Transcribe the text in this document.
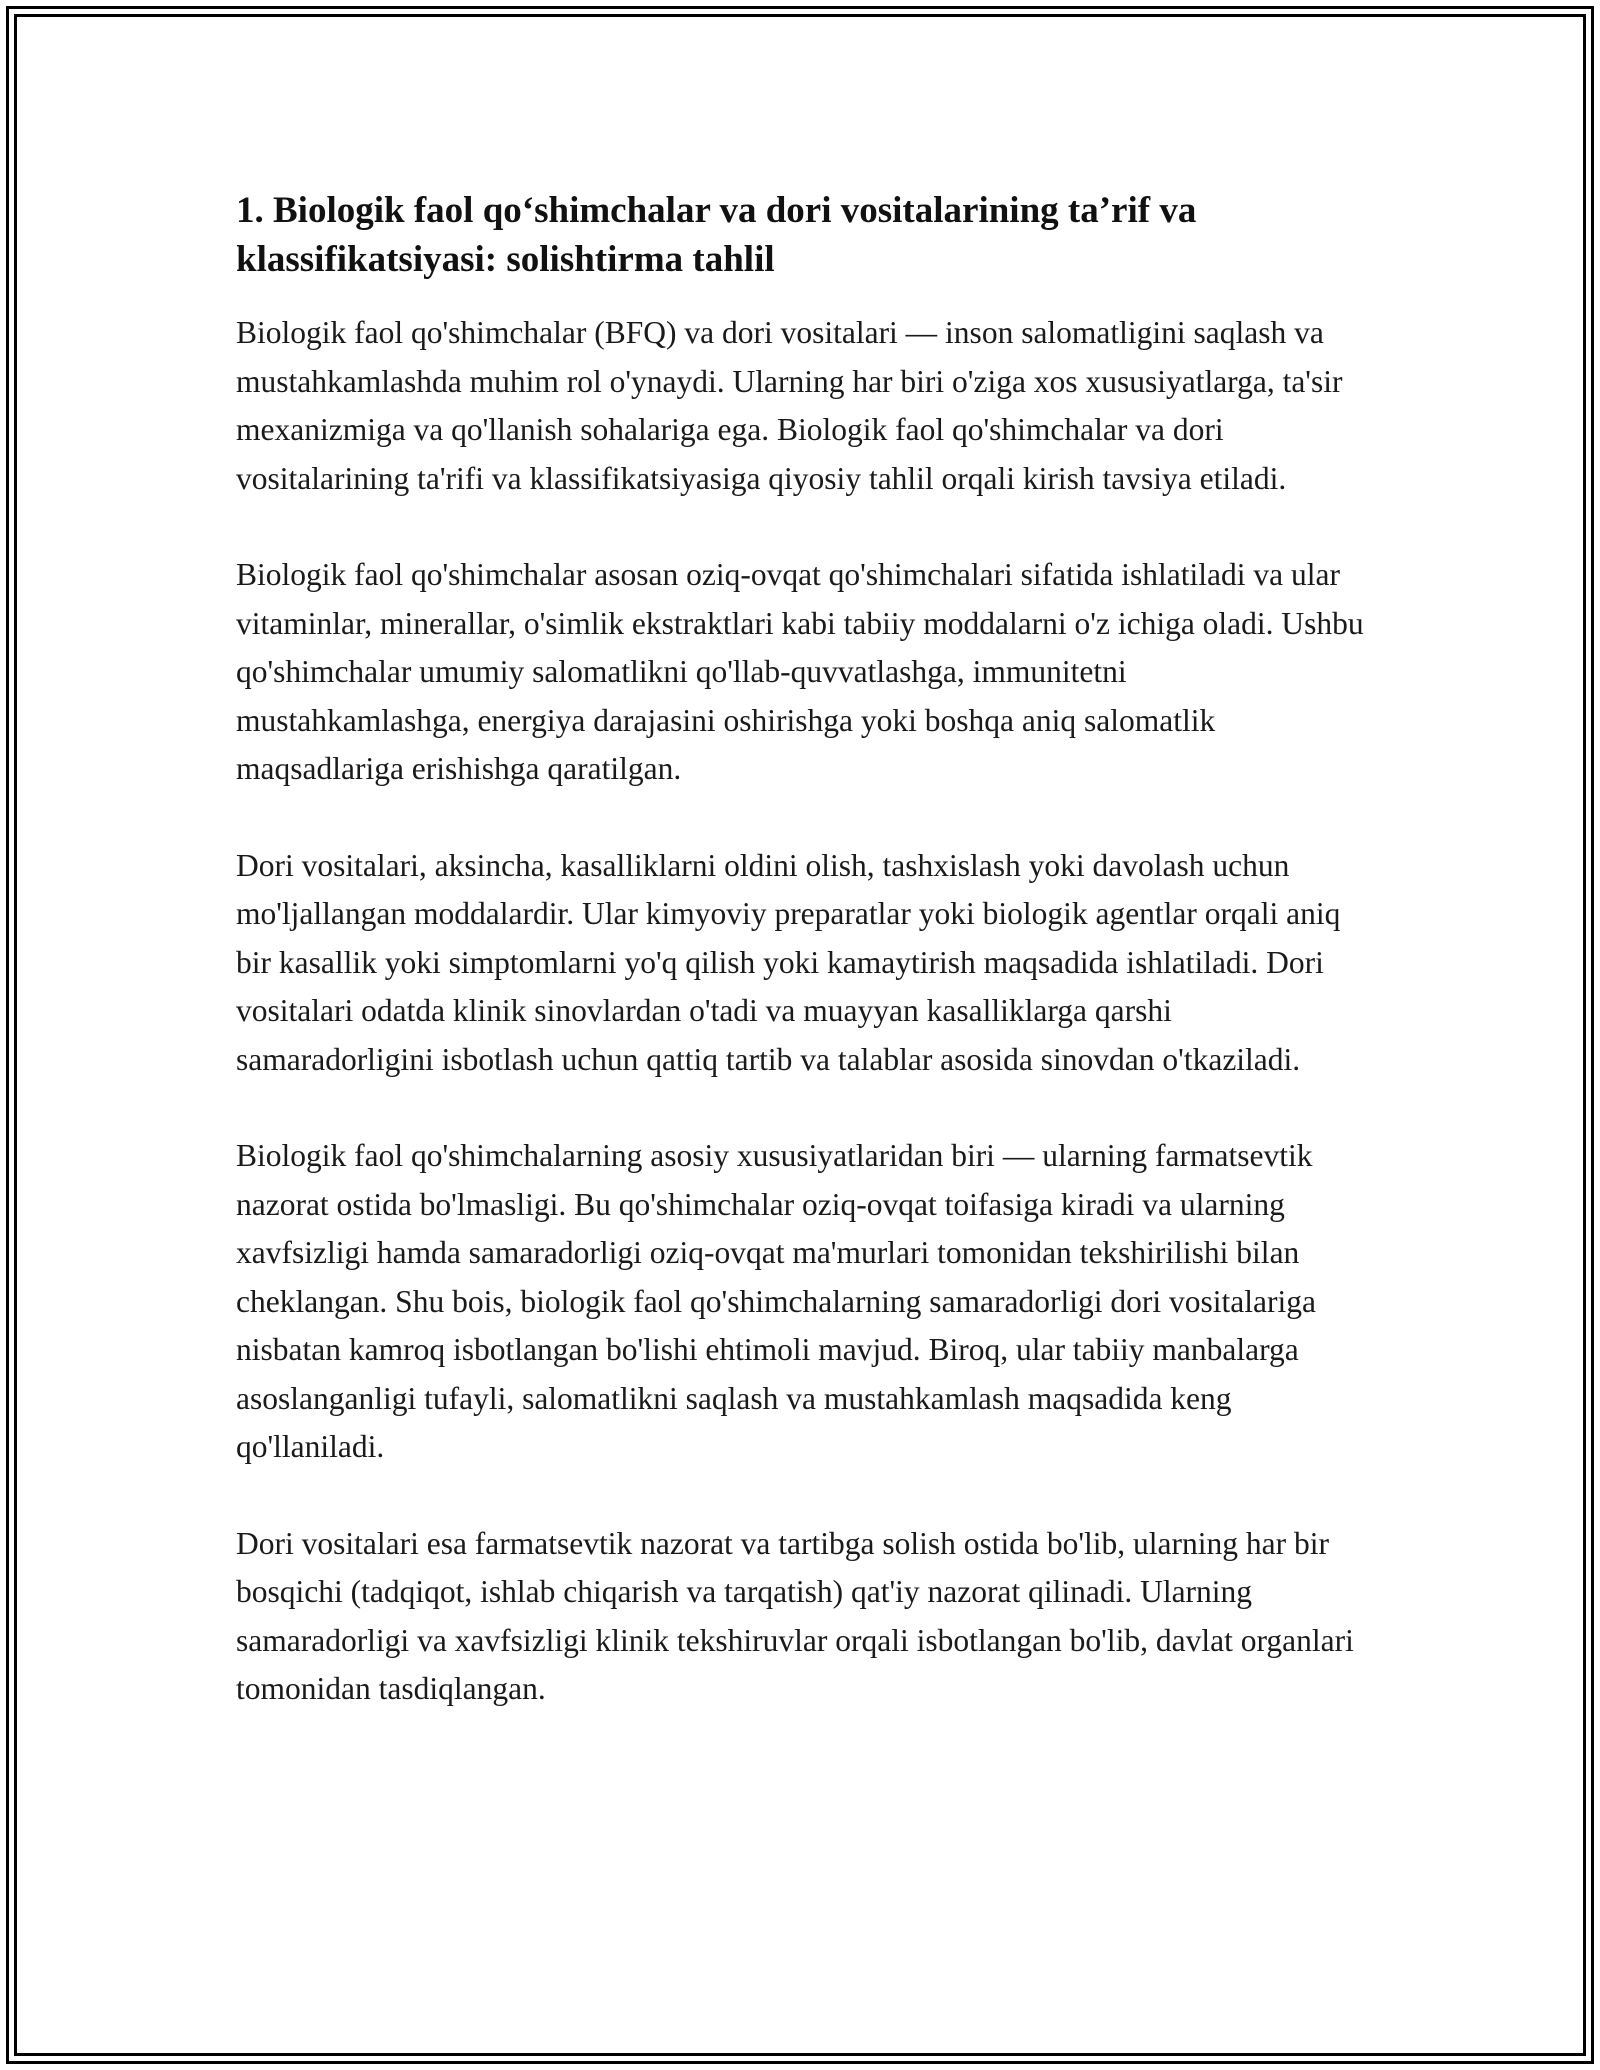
1. Biologik faol qo‘shimchalar va dori vositalarining ta’rif va klassifikatsiyasi: solishtirma tahlil

Biologik faol qo'shimchalar (BFQ) va dori vositalari — inson salomatligini saqlash va mustahkamlashda muhim rol o'ynaydi. Ularning har biri o'ziga xos xususiyatlarga, ta'sir mexanizmiga va qo'llanish sohalariga ega. Biologik faol qo'shimchalar va dori vositalarining ta'rifi va klassifikatsiyasiga qiyosiy tahlil orqali kirish tavsiya etiladi.

Biologik faol qo'shimchalar asosan oziq-ovqat qo'shimchalari sifatida ishlatiladi va ular vitaminlar, minerallar, o'simlik ekstraktlari kabi tabiiy moddalarni o'z ichiga oladi. Ushbu qo'shimchalar umumiy salomatlikni qo'llab-quvvatlashga, immunitetni mustahkamlashga, energiya darajasini oshirishga yoki boshqa aniq salomatlik maqsadlariga erishishga qaratilgan.

Dori vositalari, aksincha, kasalliklarni oldini olish, tashxislash yoki davolash uchun mo'ljallangan moddalardir. Ular kimyoviy preparatlar yoki biologik agentlar orqali aniq bir kasallik yoki simptomlarni yo'q qilish yoki kamaytirish maqsadida ishlatiladi. Dori vositalari odatda klinik sinovlardan o'tadi va muayyan kasalliklarga qarshi samaradorligini isbotlash uchun qattiq tartib va talablar asosida sinovdan o'tkaziladi.

Biologik faol qo'shimchalarning asosiy xususiyatlaridan biri — ularning farmatsevtik nazorat ostida bo'lmasligi. Bu qo'shimchalar oziq-ovqat toifasiga kiradi va ularning xavfsizligi hamda samaradorligi oziq-ovqat ma'murlari tomonidan tekshirilishi bilan cheklangan. Shu bois, biologik faol qo'shimchalarning samaradorligi dori vositalariga nisbatan kamroq isbotlangan bo'lishi ehtimoli mavjud. Biroq, ular tabiiy manbalarga asoslanganligi tufayli, salomatlikni saqlash va mustahkamlash maqsadida keng qo'llaniladi.

Dori vositalari esa farmatsevtik nazorat va tartibga solish ostida bo'lib, ularning har bir bosqichi (tadqiqot, ishlab chiqarish va tarqatish) qat'iy nazorat qilinadi. Ularning samaradorligi va xavfsizligi klinik tekshiruvlar orqali isbotlangan bo'lib, davlat organlari tomonidan tasdiqlangan.
